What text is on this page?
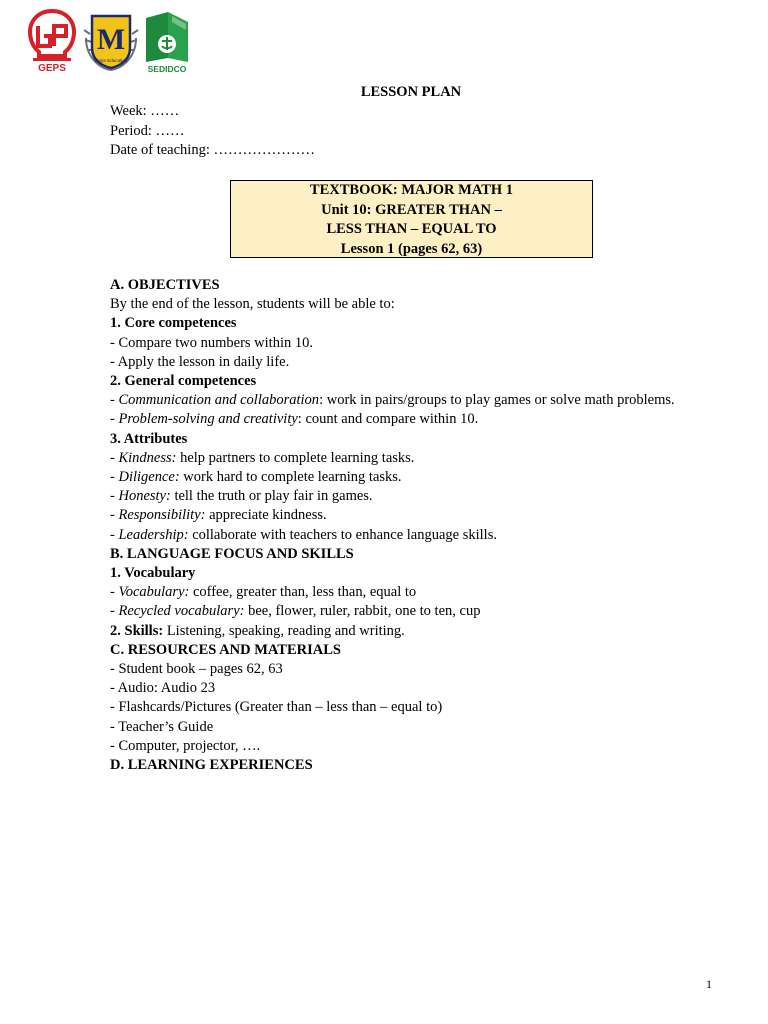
GEPS
M
Major Education
SEDIDCO
LESSON PLAN
Week: ……
Period: ……
Date of teaching: …………………
TEXTBOOK: MAJOR MATH 1
Unit 10: GREATER THAN –
LESS THAN – EQUAL TO
Lesson 1 (pages 62, 63)
A. OBJECTIVES
By the end of the lesson, students will be able to:
1. Core competences
- Compare two numbers within 10.
- Apply the lesson in daily life.
2. General competences
- Communication and collaboration: work in pairs/groups to play games or solve math problems.
- Problem-solving and creativity: count and compare within 10.
3. Attributes
- Kindness: help partners to complete learning tasks.
- Diligence: work hard to complete learning tasks.
- Honesty: tell the truth or play fair in games.
- Responsibility: appreciate kindness.
- Leadership: collaborate with teachers to enhance language skills.
B. LANGUAGE FOCUS AND SKILLS
1. Vocabulary
- Vocabulary: coffee, greater than, less than, equal to
- Recycled vocabulary: bee, flower, ruler, rabbit, one to ten, cup
2. Skills: Listening, speaking, reading and writing.
C. RESOURCES AND MATERIALS
- Student book – pages 62, 63
- Audio: Audio 23
- Flashcards/Pictures (Greater than – less than – equal to)
- Teacher’s Guide
- Computer, projector, ….
D. LEARNING EXPERIENCES
1
